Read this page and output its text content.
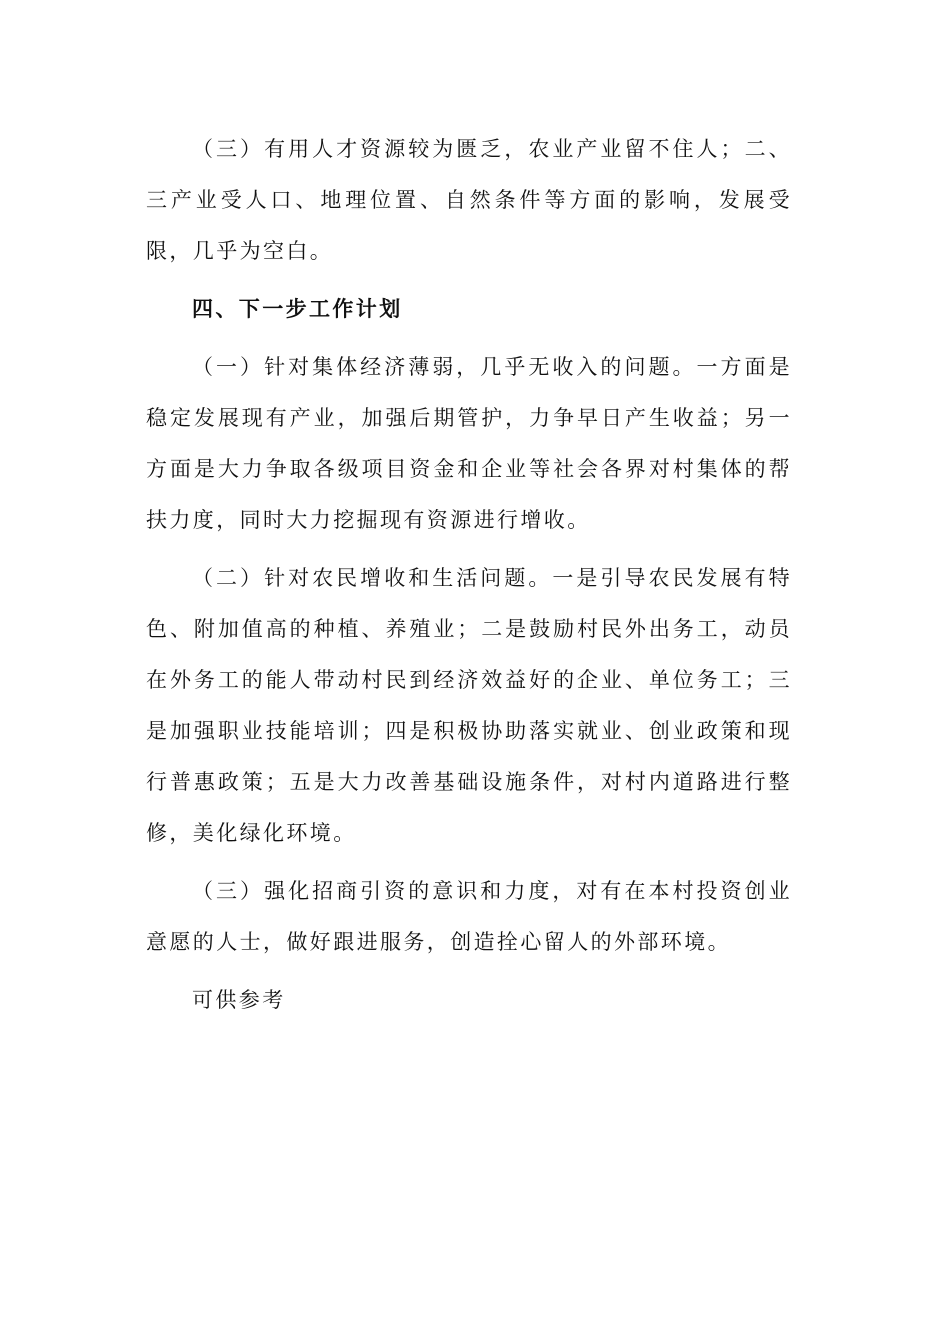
（三）有用人才资源较为匮乏，农业产业留不住人；二、三产业受人口、地理位置、自然条件等方面的影响，发展受限，几乎为空白。

四、下一步工作计划

（一）针对集体经济薄弱，几乎无收入的问题。一方面是稳定发展现有产业，加强后期管护，力争早日产生收益；另一方面是大力争取各级项目资金和企业等社会各界对村集体的帮扶力度，同时大力挖掘现有资源进行增收。

（二）针对农民增收和生活问题。一是引导农民发展有特色、附加值高的种植、养殖业；二是鼓励村民外出务工，动员在外务工的能人带动村民到经济效益好的企业、单位务工；三是加强职业技能培训；四是积极协助落实就业、创业政策和现行普惠政策；五是大力改善基础设施条件，对村内道路进行整修，美化绿化环境。

（三）强化招商引资的意识和力度，对有在本村投资创业意愿的人士，做好跟进服务，创造拴心留人的外部环境。

可供参考
